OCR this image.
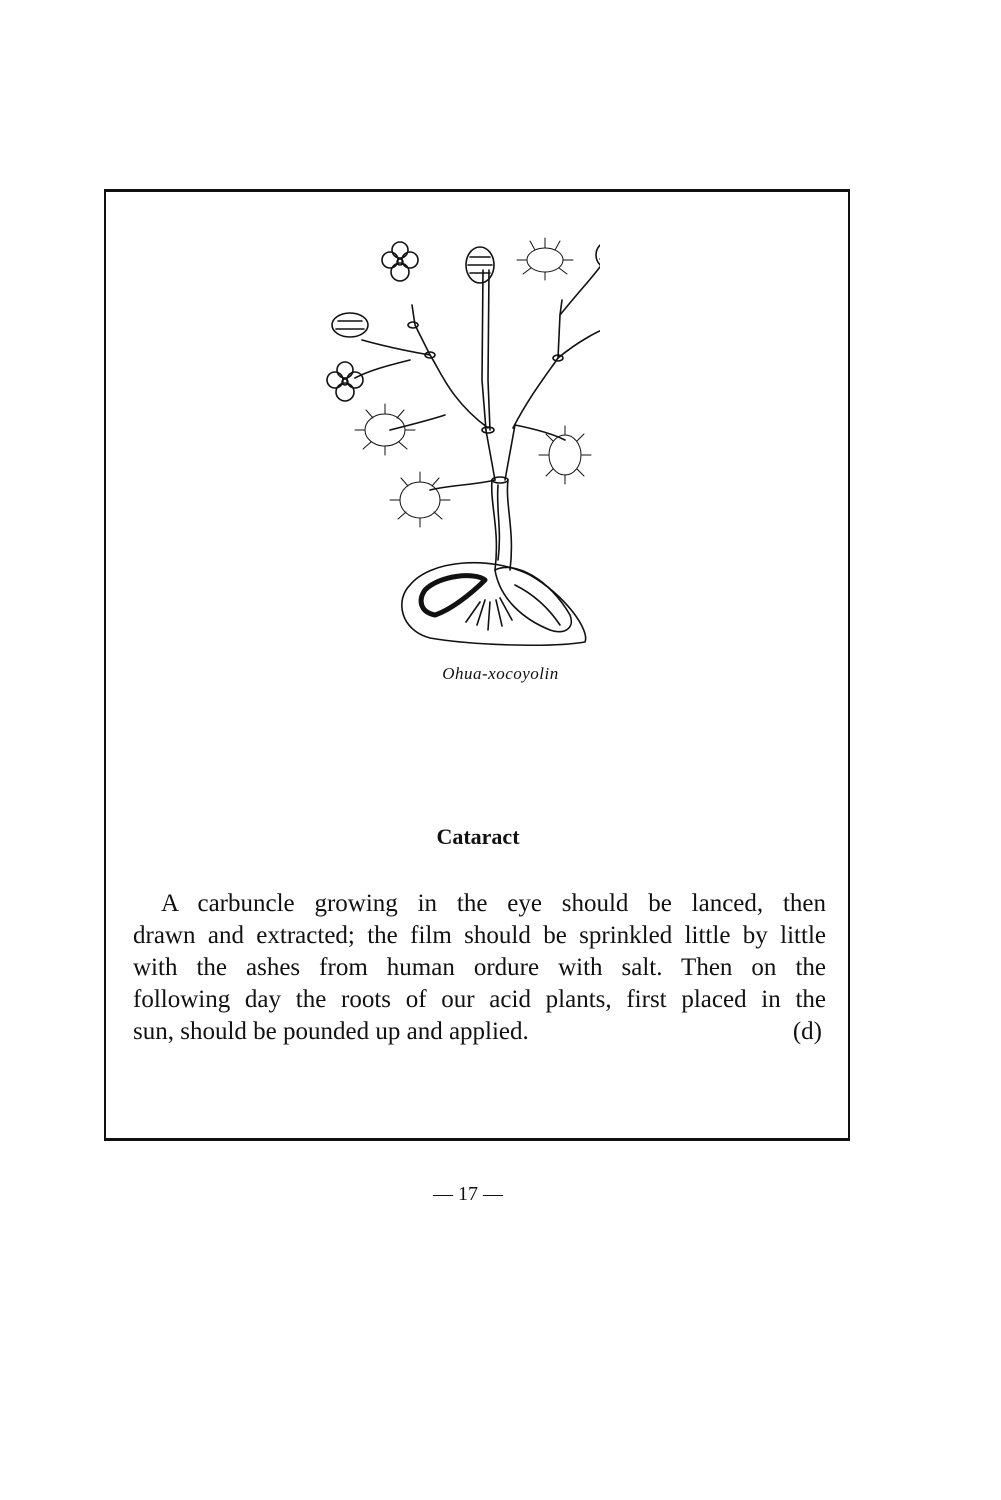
Ohua-xocoyolin
Cataract
A carbuncle growing in the eye should be lanced, then
drawn and extracted; the film should be sprinkled little by little
with the ashes from human ordure with salt. Then on the
following day the roots of our acid plants, first placed in the
sun, should be pounded up and applied.	(d)
— 17 —
